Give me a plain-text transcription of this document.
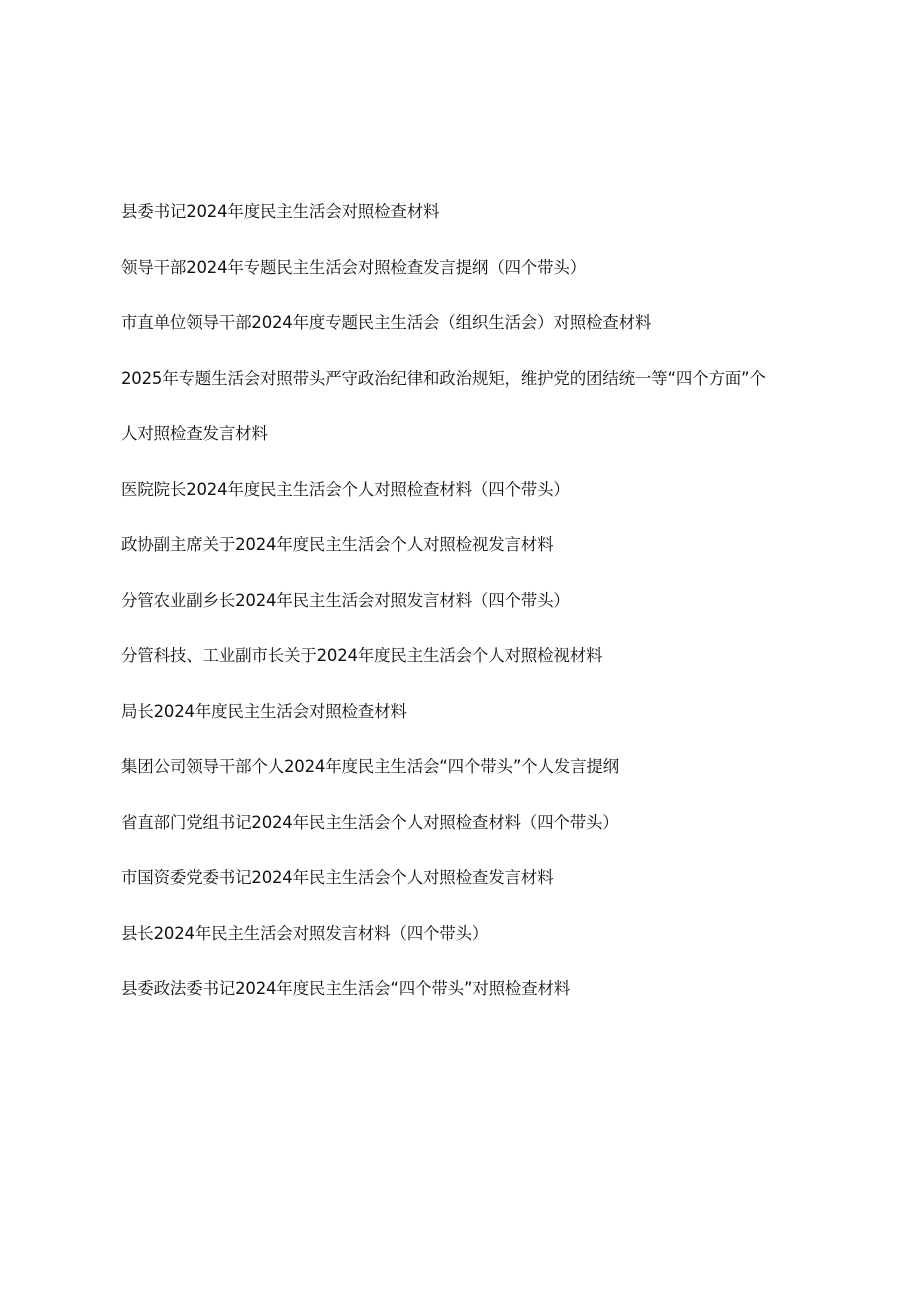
县委书记2024年度民主生活会对照检查材料
领导干部2024年专题民主生活会对照检查发言提纲（四个带头）
市直单位领导干部2024年度专题民主生活会（组织生活会）对照检查材料
2025年专题生活会对照带头严守政治纪律和政治规矩，维护党的团结统一等“四个方面”个人对照检查发言材料
医院院长2024年度民主生活会个人对照检查材料（四个带头）
政协副主席关于2024年度民主生活会个人对照检视发言材料
分管农业副乡长2024年民主生活会对照发言材料（四个带头）
分管科技、工业副市长关于2024年度民主生活会个人对照检视材料
局长2024年度民主生活会对照检查材料
集团公司领导干部个人2024年度民主生活会“四个带头”个人发言提纲
省直部门党组书记2024年民主生活会个人对照检查材料（四个带头）
市国资委党委书记2024年民主生活会个人对照检查发言材料
县长2024年民主生活会对照发言材料（四个带头）
县委政法委书记2024年度民主生活会“四个带头”对照检查材料
